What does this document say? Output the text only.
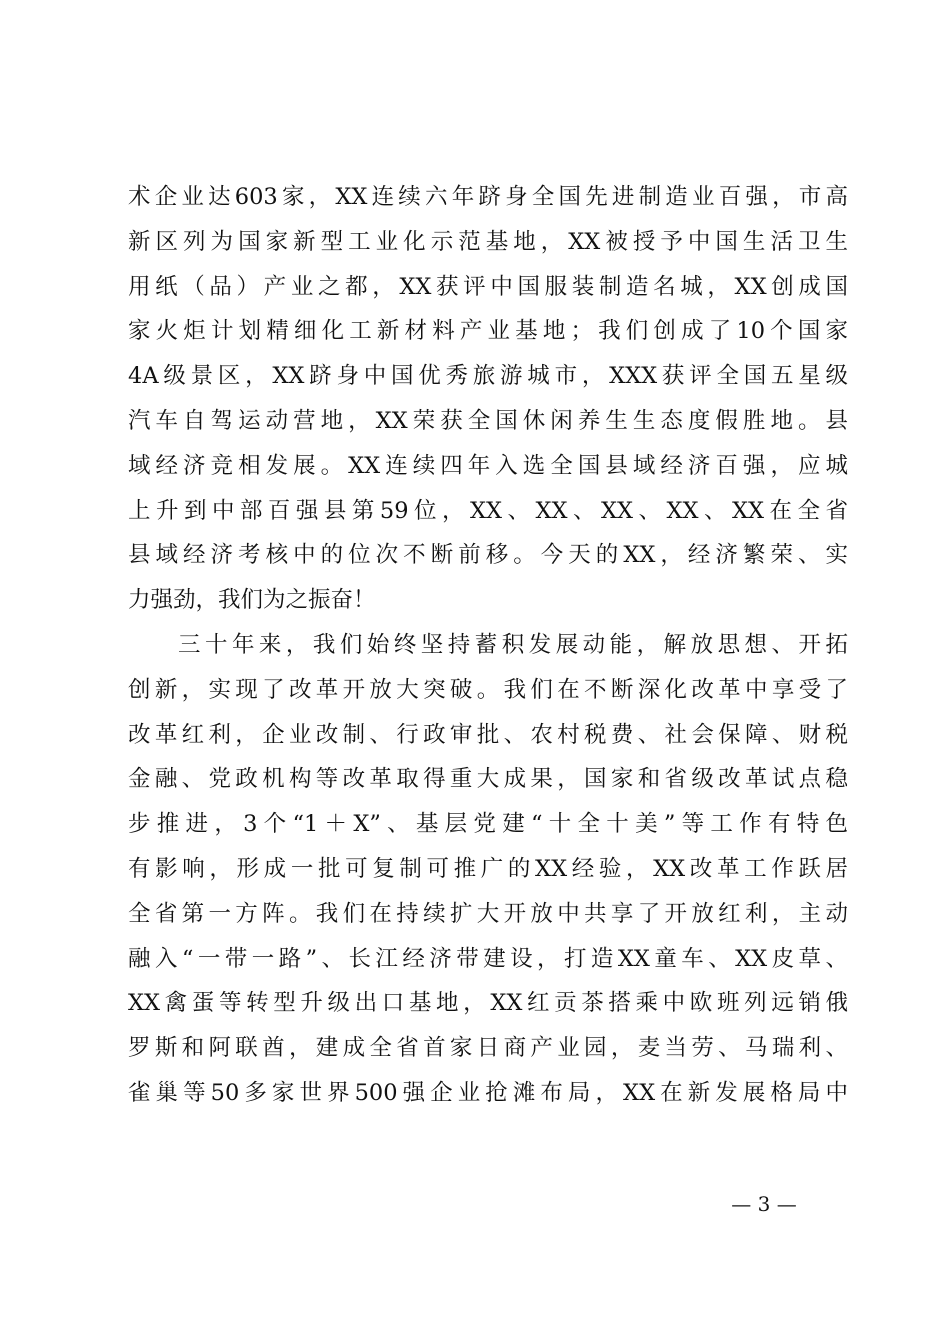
术企业达603家，XX连续六年跻身全国先进制造业百强，市高
新区列为国家新型工业化示范基地，XX被授予中国生活卫生
用纸（品）产业之都，XX获评中国服装制造名城，XX创成国
家火炬计划精细化工新材料产业基地；我们创成了10个国家
4A级景区，XX跻身中国优秀旅游城市，XXX获评全国五星级
汽车自驾运动营地，XX荣获全国休闲养生生态度假胜地。县
域经济竞相发展。XX连续四年入选全国县域经济百强，应城
上升到中部百强县第59位，XX、XX、XX、XX、XX在全省
县域经济考核中的位次不断前移。今天的XX，经济繁荣、实
力强劲，我们为之振奋！
三十年来，我们始终坚持蓄积发展动能，解放思想、开拓
创新，实现了改革开放大突破。我们在不断深化改革中享受了
改革红利，企业改制、行政审批、农村税费、社会保障、财税
金融、党政机构等改革取得重大成果，国家和省级改革试点稳
步推进，3个“1＋X”、基层党建“十全十美”等工作有特色
有影响，形成一批可复制可推广的XX经验，XX改革工作跃居
全省第一方阵。我们在持续扩大开放中共享了开放红利，主动
融入“一带一路”、长江经济带建设，打造XX童车、XX皮草、
XX禽蛋等转型升级出口基地，XX红贡茶搭乘中欧班列远销俄
罗斯和阿联酋，建成全省首家日商产业园，麦当劳、马瑞利、
雀巢等50多家世界500强企业抢滩布局，XX在新发展格局中
— 3 —
